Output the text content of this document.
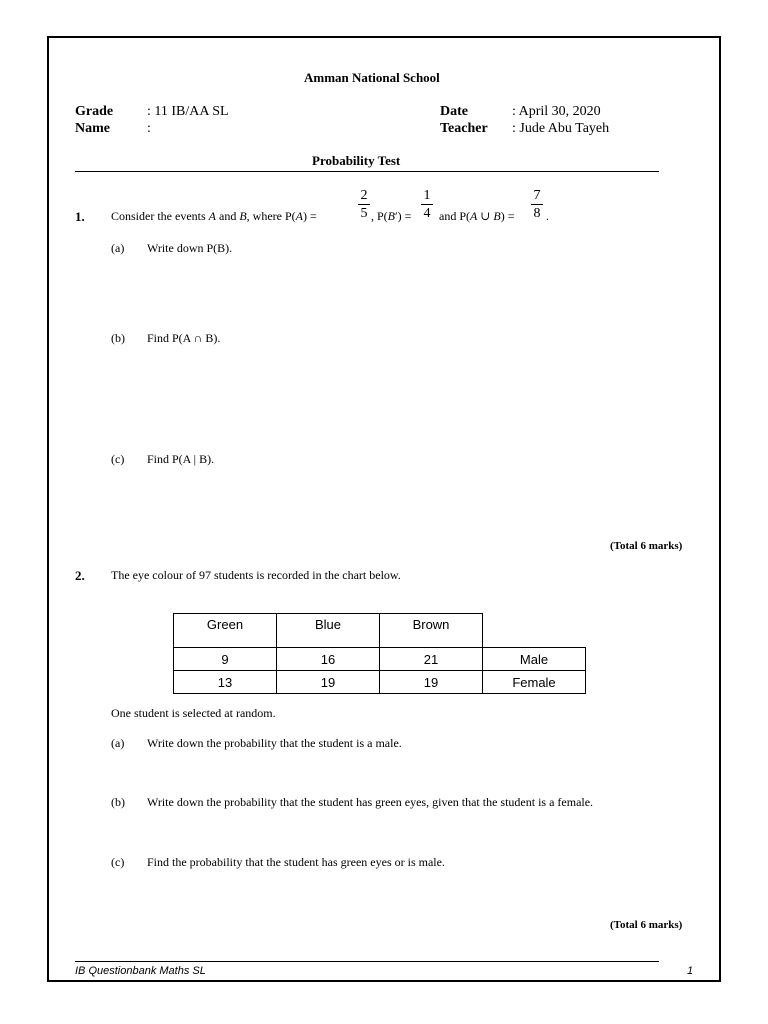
Amman National School
Grade : 11 IB/AA SL
Name	:
Date	: April 30, 2020
Teacher : Jude Abu Tayeh
Probability Test
1. Consider the events A and B, where P(A) =
2
5 , P(B′) =
1
4 and P(A ∪ B) =
7
8 .
(a) Write down P(B).
(b) Find P(A ∩ B).
(c) Find P(A | B).
(Total 6 marks)
2. The eye colour of 97 students is recorded in the chart below.
Green	Blue	Brown	
9	16	21	Male
13	19	19	Female
One student is selected at random.
(a) Write down the probability that the student is a male.
(b) Write down the probability that the student has green eyes, given that the student is a female.
(c) Find the probability that the student has green eyes or is male.
(Total 6 marks)
IB Questionbank Maths SL	1
